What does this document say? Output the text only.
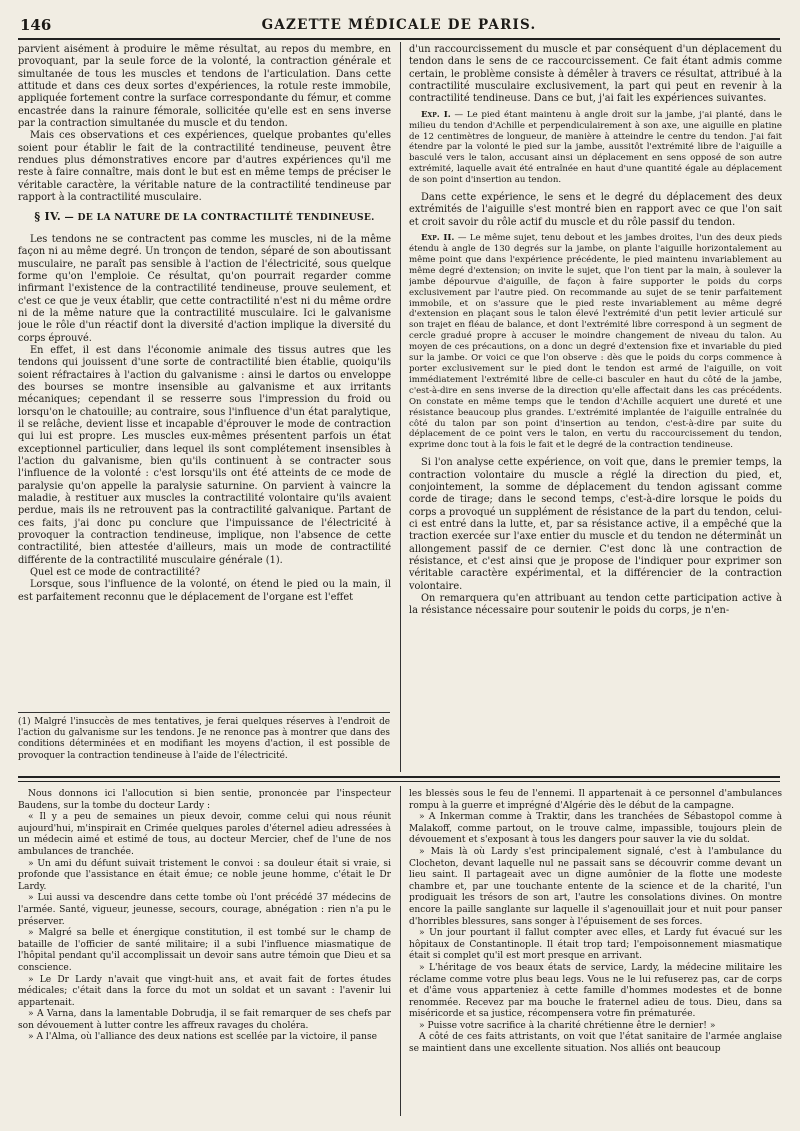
146	GAZETTE MÉDICALE DE PARIS.

parvient aisément à produire le même résultat, au repos du membre, en provoquant, par la seule force de la volonté, la contraction générale et simultanée de tous les muscles et tendons de l'articulation. Dans cette attitude et dans ces deux sortes d'expériences, la rotule reste immobile, appliquée fortement contre la surface correspondante du fémur, et comme encastrée dans la rainure fémorale, sollicitée qu'elle est en sens inverse par la contraction simultanée du muscle et du tendon.

Mais ces observations et ces expériences, quelque probantes qu'elles soient pour établir le fait de la contractilité tendineuse, peuvent être rendues plus démonstratives encore par d'autres expériences qu'il me reste à faire connaître, mais dont le but est en même temps de préciser le véritable caractère, la véritable nature de la contractilité tendineuse par rapport à la contractilité musculaire.

§ IV. — DE LA NATURE DE LA CONTRACTILITÉ TENDINEUSE.

Les tendons ne se contractent pas comme les muscles, ni de la même façon ni au même degré. Un tronçon de tendon, séparé de son aboutissant musculaire, ne paraît pas sensible à l'action de l'électricité, sous quelque forme qu'on l'emploie. Ce résultat, qu'on pourrait regarder comme infirmant l'existence de la contractilité tendineuse, prouve seulement, et c'est ce que je veux établir, que cette contractilité n'est ni du même ordre ni de la même nature que la contractilité musculaire. Ici le galvanisme joue le rôle d'un réactif dont la diversité d'action implique la diversité du corps éprouvé.

En effet, il est dans l'économie animale des tissus autres que les tendons qui jouissent d'une sorte de contractilité bien établie, quoiqu'ils soient réfractaires à l'action du galvanisme : ainsi le dartos ou enveloppe des bourses se montre insensible au galvanisme et aux irritants mécaniques; cependant il se resserre sous l'impression du froid ou lorsqu'on le chatouille; au contraire, sous l'influence d'un état paralytique, il se relâche, devient lisse et incapable d'éprouver le mode de contraction qui lui est propre. Les muscles eux-mêmes présentent parfois un état exceptionnel particulier, dans lequel ils sont complétement insensibles à l'action du galvanisme, bien qu'ils continuent à se contracter sous l'influence de la volonté : c'est lorsqu'ils ont été atteints de ce mode de paralysie qu'on appelle la paralysie saturnine. On parvient à vaincre la maladie, à restituer aux muscles la contractilité volontaire qu'ils avaient perdue, mais ils ne retrouvent pas la contractilité galvanique. Partant de ces faits, j'ai donc pu conclure que l'impuissance de l'électricité à provoquer la contraction tendineuse, implique, non l'absence de cette contractilité, bien attestée d'ailleurs, mais un mode de contractilité différente de la contractilité musculaire générale (1).

Quel est ce mode de contractilité?

Lorsque, sous l'influence de la volonté, on étend le pied ou la main, il est parfaitement reconnu que le déplacement de l'organe est l'effet

(1) Malgré l'insuccès de mes tentatives, je ferai quelques réserves à l'endroit de l'action du galvanisme sur les tendons. Je ne renonce pas à montrer que dans des conditions déterminées et en modifiant les moyens d'action, il est possible de provoquer la contraction tendineuse à l'aide de l'électricité.

d'un raccourcissement du muscle et par conséquent d'un déplacement du tendon dans le sens de ce raccourcissement. Ce fait étant admis comme certain, le problème consiste à démêler à travers ce résultat, attribué à la contractilité musculaire exclusivement, la part qui peut en revenir à la contractilité tendineuse. Dans ce but, j'ai fait les expériences suivantes.

Exp. I. — Le pied étant maintenu à angle droit sur la jambe, j'ai planté, dans le milieu du tendon d'Achille et perpendiculairement à son axe, une aiguille en platine de 12 centimètres de longueur, de manière à atteindre le centre du tendon. J'ai fait étendre par la volonté le pied sur la jambe, aussitôt l'extrémité libre de l'aiguille a basculé vers le talon, accusant ainsi un déplacement en sens opposé de son autre extrémité, laquelle avait été entraînée en haut d'une quantité égale au déplacement de son point d'insertion au tendon.

Dans cette expérience, le sens et le degré du déplacement des deux extrémités de l'aiguille s'est montré bien en rapport avec ce que l'on sait et croit savoir du rôle actif du muscle et du rôle passif du tendon.

Exp. II. — Le même sujet, tenu debout et les jambes droites, l'un des deux pieds étendu à angle de 130 degrés sur la jambe, on plante l'aiguille horizontalement au même point que dans l'expérience précédente, le pied maintenu invariablement au même degré d'extension; on invite le sujet, que l'on tient par la main, à soulever la jambe dépourvue d'aiguille, de façon à faire supporter le poids du corps exclusivement par l'autre pied. On recommande au sujet de se tenir parfaitement immobile, et on s'assure que le pied reste invariablement au même degré d'extension en plaçant sous le talon élevé l'extrémité d'un petit levier articulé sur son trajet en fléau de balance, et dont l'extrémité libre correspond à un segment de cercle gradué propre à accuser le moindre changement de niveau du talon. Au moyen de ces précautions, on a donc un degré d'extension fixe et invariable du pied sur la jambe. Or voici ce que l'on observe : dès que le poids du corps commence à porter exclusivement sur le pied dont le tendon est armé de l'aiguille, on voit immédiatement l'extrémité libre de celle-ci basculer en haut du côté de la jambe, c'est-à-dire en sens inverse de la direction qu'elle affectait dans les cas précédents. On constate en même temps que le tendon d'Achille acquiert une dureté et une résistance beaucoup plus grandes. L'extrémité implantée de l'aiguille entraînée du côté du talon par son point d'insertion au tendon, c'est-à-dire par suite du déplacement de ce point vers le talon, en vertu du raccourcissement du tendon, exprime donc tout à la fois le fait et le degré de la contraction tendineuse.

Si l'on analyse cette expérience, on voit que, dans le premier temps, la contraction volontaire du muscle a réglé la direction du pied, et, conjointement, la somme de déplacement du tendon agissant comme corde de tirage; dans le second temps, c'est-à-dire lorsque le poids du corps a provoqué un supplément de résistance de la part du tendon, celui-ci est entré dans la lutte, et, par sa résistance active, il a empêché que la traction exercée sur l'axe entier du muscle et du tendon ne déterminât un allongement passif de ce dernier. C'est donc là une contraction de résistance, et c'est ainsi que je propose de l'indiquer pour exprimer son véritable caractère expérimental, et la différencier de la contraction volontaire.

On remarquera qu'en attribuant au tendon cette participation active à la résistance nécessaire pour soutenir le poids du corps, je n'en-

Nous donnons ici l'allocution si bien sentie, prononcée par l'inspecteur Baudens, sur la tombe du docteur Lardy :

« Il y a peu de semaines un pieux devoir, comme celui qui nous réunit aujourd'hui, m'inspirait en Crimée quelques paroles d'éternel adieu adressées à un médecin aimé et estimé de tous, au docteur Mercier, chef de l'une de nos ambulances de tranchée.

» Un ami du défunt suivait tristement le convoi : sa douleur était si vraie, si profonde que l'assistance en était émue; ce noble jeune homme, c'était le Dr Lardy.

» Lui aussi va descendre dans cette tombe où l'ont précédé 37 médecins de l'armée. Santé, vigueur, jeunesse, secours, courage, abnégation : rien n'a pu le préserver.

» Malgré sa belle et énergique constitution, il est tombé sur le champ de bataille de l'officier de santé militaire; il a subi l'influence miasmatique de l'hôpital pendant qu'il accomplissait un devoir sans autre témoin que Dieu et sa conscience.

» Le Dr Lardy n'avait que vingt-huit ans, et avait fait de fortes études médicales; c'était dans la force du mot un soldat et un savant : l'avenir lui appartenait.

» A Varna, dans la lamentable Dobrudja, il se fait remarquer de ses chefs par son dévouement à lutter contre les affreux ravages du choléra.

» A l'Alma, où l'alliance des deux nations est scellée par la victoire, il panse

les blessés sous le feu de l'ennemi. Il appartenait à ce personnel d'ambulances rompu à la guerre et imprégné d'Algérie dès le début de la campagne.

» A Inkerman comme à Traktir, dans les tranchées de Sébastopol comme à Malakoff, comme partout, on le trouve calme, impassible, toujours plein de dévouement et s'exposant à tous les dangers pour sauver la vie du soldat.

» Mais là où Lardy s'est principalement signalé, c'est à l'ambulance du Clocheton, devant laquelle nul ne passait sans se découvrir comme devant un lieu saint. Il partageait avec un digne aumônier de la flotte une modeste chambre et, par une touchante entente de la science et de la charité, l'un prodiguait les trésors de son art, l'autre les consolations divines. On montre encore la paille sanglante sur laquelle il s'agenouillait jour et nuit pour panser d'horribles blessures, sans songer à l'épuisement de ses forces.

» Un jour pourtant il fallut compter avec elles, et Lardy fut évacué sur les hôpitaux de Constantinople. Il était trop tard; l'empoisonnement miasmatique était si complet qu'il est mort presque en arrivant.

» L'héritage de vos beaux états de service, Lardy, la médecine militaire les réclame comme votre plus beau legs. Vous ne le lui refuserez pas, car de corps et d'âme vous apparteniez à cette famille d'hommes modestes et de bonne renommée. Recevez par ma bouche le fraternel adieu de tous. Dieu, dans sa miséricorde et sa justice, récompensera votre fin prématurée.

» Puisse votre sacrifice à la charité chrétienne être le dernier! »

A côté de ces faits attristants, on voit que l'état sanitaire de l'armée anglaise se maintient dans une excellente situation. Nos alliés ont beaucoup
